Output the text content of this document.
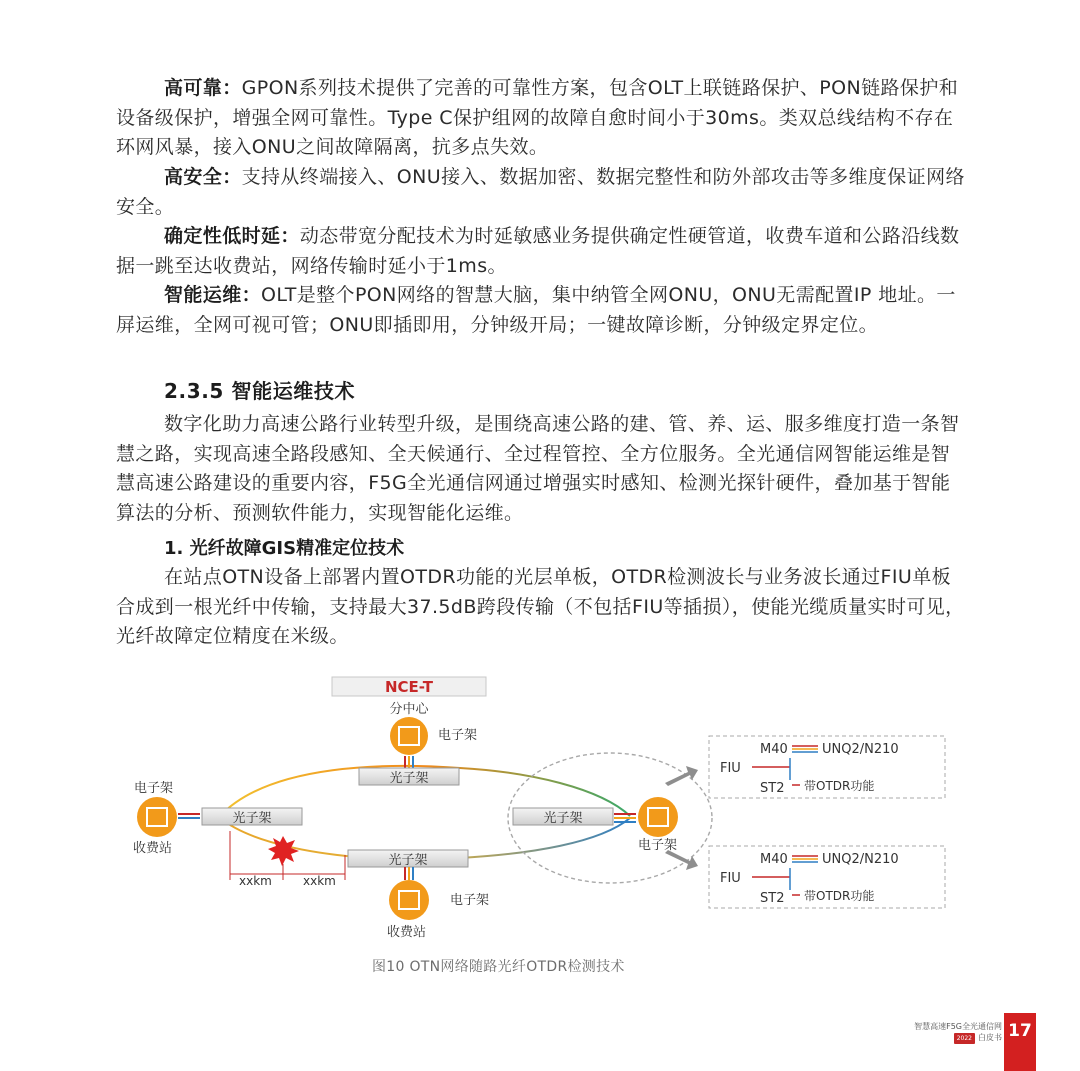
高可靠：GPON系列技术提供了完善的可靠性方案，包含OLT上联链路保护、PON链路保护和设备级保护，增强全网可靠性。Type C保护组网的故障自愈时间小于30ms。类双总线结构不存在环网风暴，接入ONU之间故障隔离，抗多点失效。

高安全：支持从终端接入、ONU接入、数据加密、数据完整性和防外部攻击等多维度保证网络安全。

确定性低时延：动态带宽分配技术为时延敏感业务提供确定性硬管道，收费车道和公路沿线数据一跳至达收费站，网络传输时延小于1ms。

智能运维：OLT是整个PON网络的智慧大脑，集中纳管全网ONU，ONU无需配置IP 地址。一屏运维，全网可视可管；ONU即插即用，分钟级开局；一键故障诊断，分钟级定界定位。

2.3.5 智能运维技术

数字化助力高速公路行业转型升级，是围绕高速公路的建、管、养、运、服多维度打造一条智慧之路，实现高速全路段感知、全天候通行、全过程管控、全方位服务。全光通信网智能运维是智慧高速公路建设的重要内容，F5G全光通信网通过增强实时感知、检测光探针硬件，叠加基于智能算法的分析、预测软件能力，实现智能化运维。

1. 光纤故障GIS精准定位技术

在站点OTN设备上部署内置OTDR功能的光层单板，OTDR检测波长与业务波长通过FIU单板合成到一根光纤中传输，支持最大37.5dB跨段传输（不包括FIU等插损），使能光缆质量实时可见，光纤故障定位精度在米级。

NCE-T
分中心
电子架
光子架
电子架
收费站
光子架
xxkm	xxkm
光子架
电子架
收费站
光子架
电子架
M40	UNQ2/N210
FIU
ST2 带OTDR功能
M40	UNQ2/N210
FIU
ST2 带OTDR功能
图10 OTN网络随路光纤OTDR检测技术
智慧高速F5G全光通信网
2022 白皮书 17
